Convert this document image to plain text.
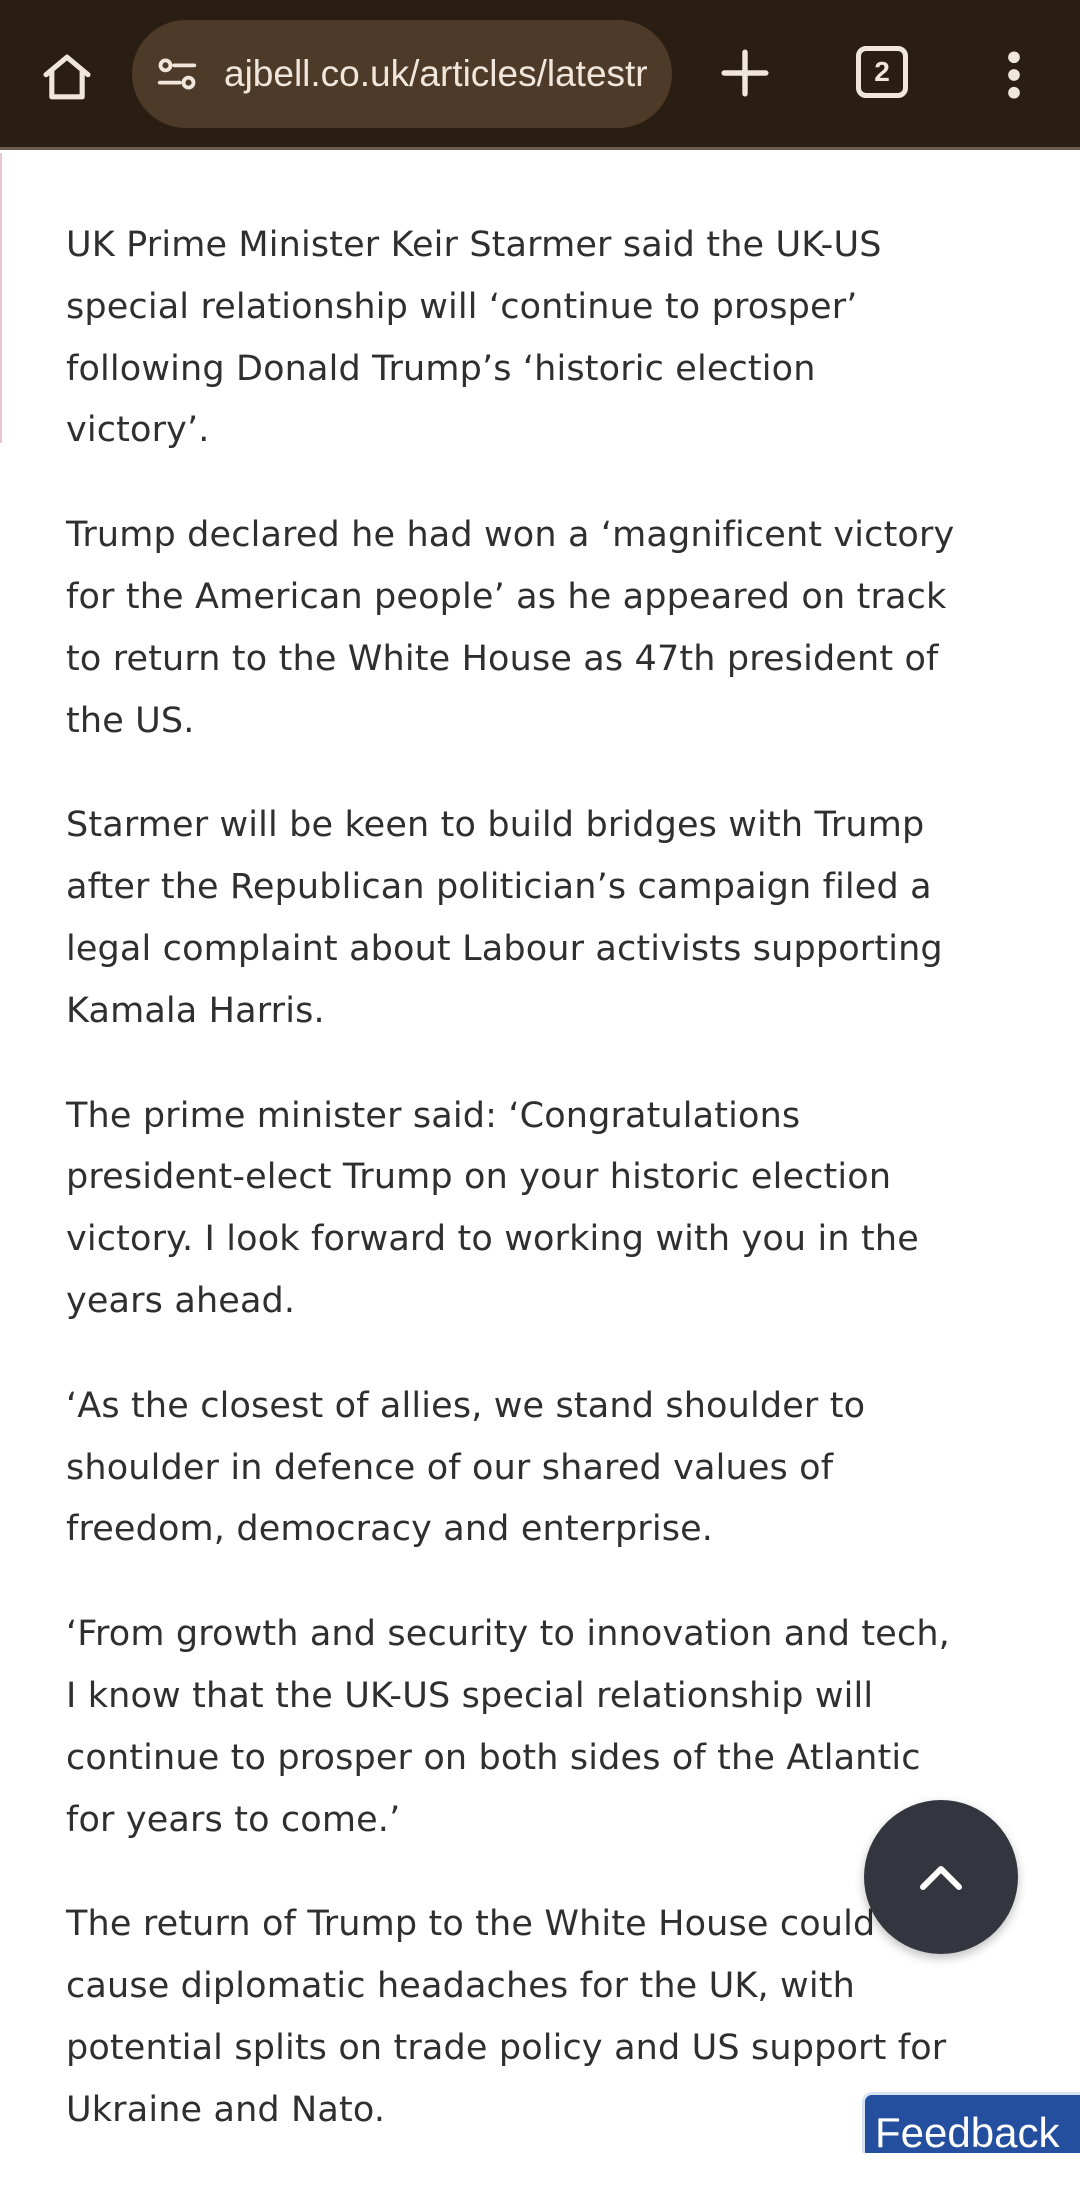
ajbell.co.uk/articles/latestr	2

UK Prime Minister Keir Starmer said the UK-US special relationship will ‘continue to prosper’ following Donald Trump’s ‘historic election victory’.

Trump declared he had won a ‘magnificent victory for the American people’ as he appeared on track to return to the White House as 47th president of the US.

Starmer will be keen to build bridges with Trump after the Republican politician’s campaign filed a legal complaint about Labour activists supporting Kamala Harris.

The prime minister said: ‘Congratulations president-elect Trump on your historic election victory. I look forward to working with you in the years ahead.

‘As the closest of allies, we stand shoulder to shoulder in defence of our shared values of freedom, democracy and enterprise.

‘From growth and security to innovation and tech, I know that the UK-US special relationship will continue to prosper on both sides of the Atlantic for years to come.’

The return of Trump to the White House could cause diplomatic headaches for the UK, with potential splits on trade policy and US support for Ukraine and Nato.	Feedback
